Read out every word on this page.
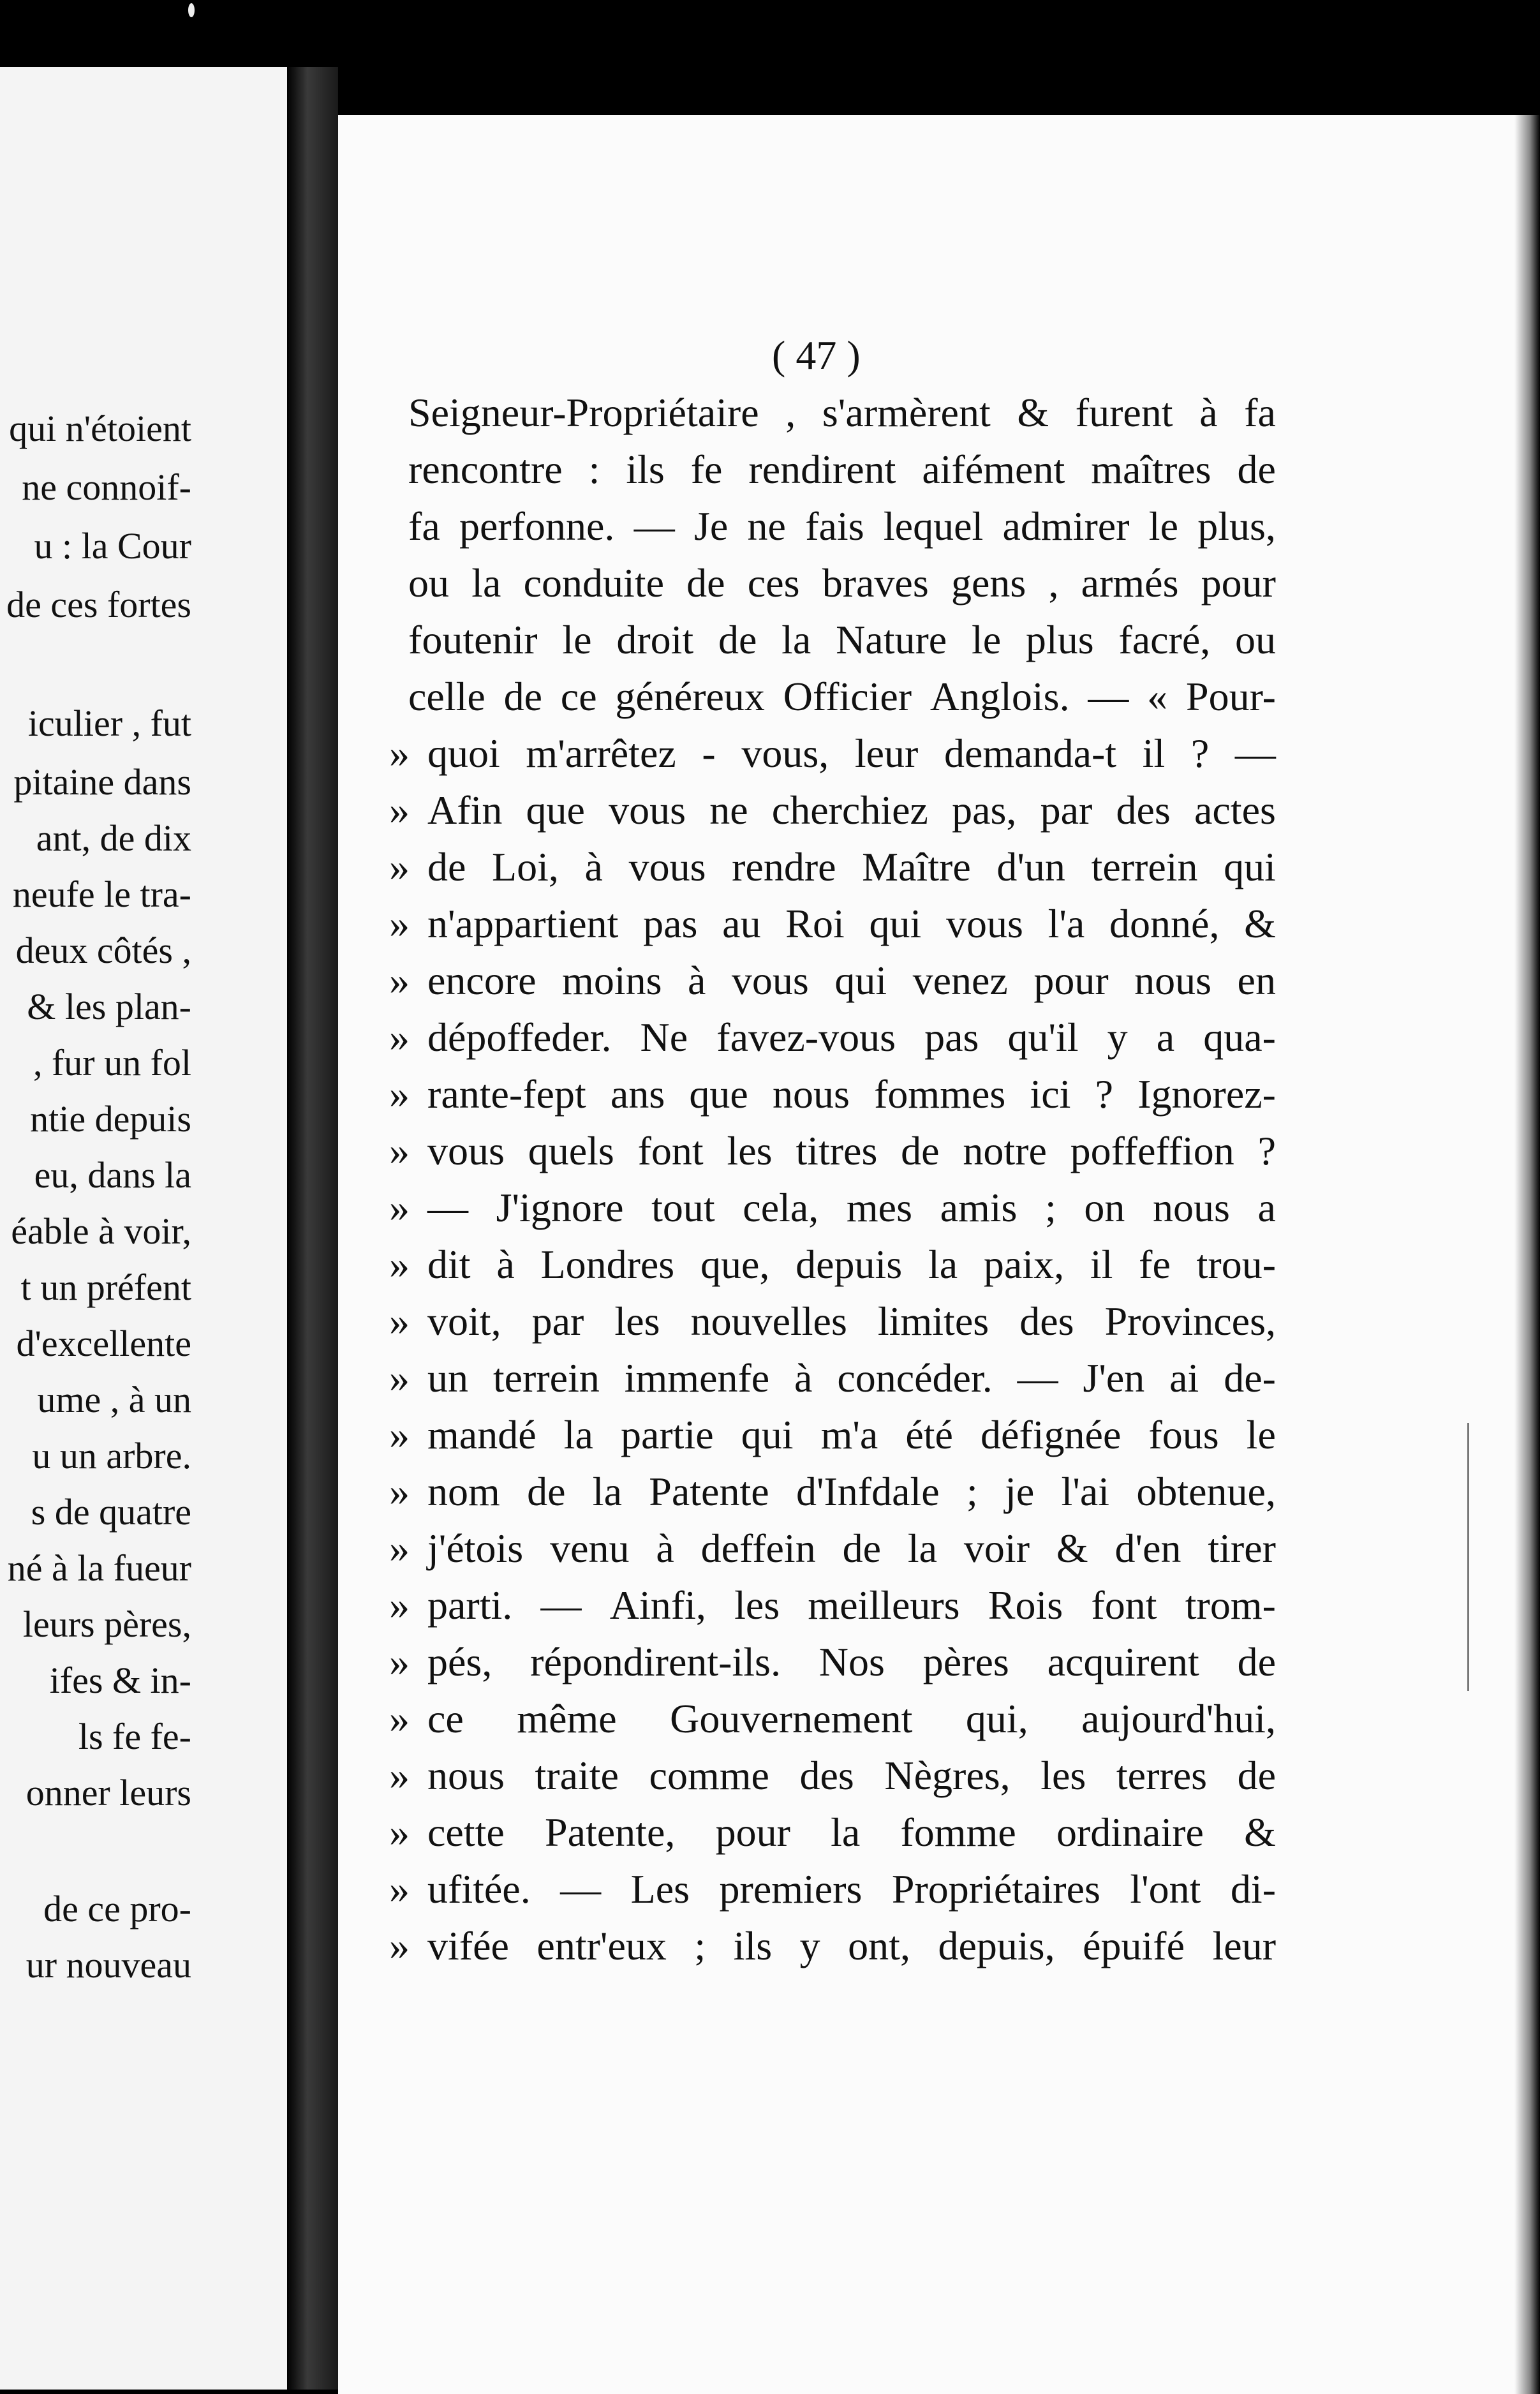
qui n'étoient
ne connoif-
u : la Cour
de ces fortes
iculier , fut
pitaine dans
ant, de dix
neufe le tra-
deux côtés ,
& les plan-
, fur un fol
ntie depuis
eu, dans la
éable à voir,
t un préfent
d'excellente
ume , à un
u un arbre.
s de quatre
né à la fueur
leurs pères,
ifes & in-
ls fe fe-
onner leurs
de ce pro-
ur nouveau
( 47 )
Seigneur-Propriétaire , s'armèrent & furent à fa
rencontre : ils fe rendirent aifément maîtres de
fa perfonne. — Je ne fais lequel admirer le plus,
ou la conduite de ces braves gens , armés pour
foutenir le droit de la Nature le plus facré, ou
celle de ce généreux Officier Anglois. — « Pour-
» quoi m'arrêtez - vous, leur demanda-t il ? —
» Afin que vous ne cherchiez pas, par des actes
» de Loi, à vous rendre Maître d'un terrein qui
» n'appartient pas au Roi qui vous l'a donné, &
» encore moins à vous qui venez pour nous en
» dépoffeder. Ne favez-vous pas qu'il y a qua-
» rante-fept ans que nous fommes ici ? Ignorez-
» vous quels font les titres de notre poffeffion ?
» — J'ignore tout cela, mes amis ; on nous a
» dit à Londres que, depuis la paix, il fe trou-
» voit, par les nouvelles limites des Provinces,
» un terrein immenfe à concéder. — J'en ai de-
» mandé la partie qui m'a été défignée fous le
» nom de la Patente d'Infdale ; je l'ai obtenue,
» j'étois venu à deffein de la voir & d'en tirer
» parti. — Ainfi, les meilleurs Rois font trom-
» pés, répondirent-ils. Nos pères acquirent de
» ce même Gouvernement qui, aujourd'hui,
» nous traite comme des Nègres, les terres de
» cette Patente, pour la fomme ordinaire &
» ufitée. — Les premiers Propriétaires l'ont di-
» vifée entr'eux ; ils y ont, depuis, épuifé leur
